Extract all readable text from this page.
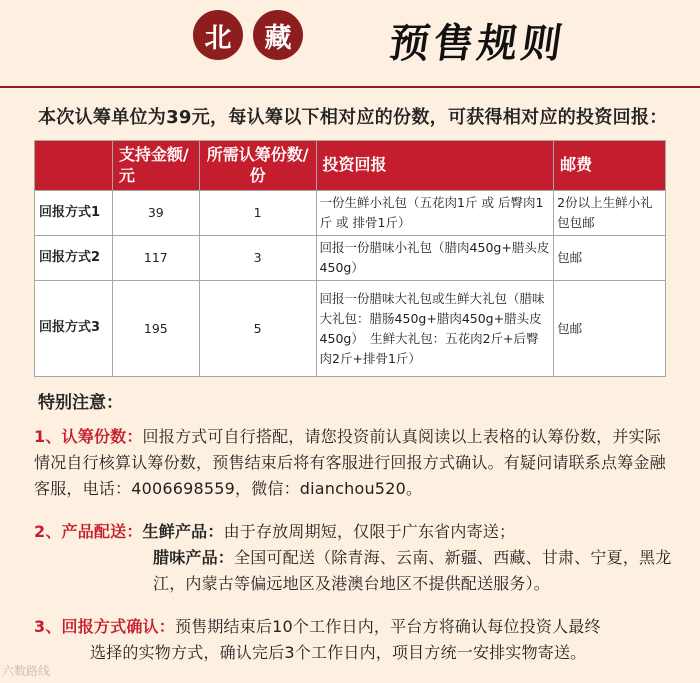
北 藏 预售规则
本次认筹单位为39元，每认筹以下相对应的份数，可获得相对应的投资回报：
	支持金额/元	所需认筹份数/份	投资回报	邮费
回报方式1	39	1	一份生鲜小礼包（五花肉1斤 或 后臀肉1斤 或 排骨1斤）	2份以上生鲜小礼包包邮
回报方式2	117	3	回报一份腊味小礼包（腊肉450g+腊头皮450g）	包邮
回报方式3	195	5	回报一份腊味大礼包或生鲜大礼包（腊味大礼包：腊肠450g+腊肉450g+腊头皮450g）　生鲜大礼包：五花肉2斤+后臀肉2斤+排骨1斤）	包邮
特别注意：
1、认筹份数：回报方式可自行搭配，请您投资前认真阅读以上表格的认筹份数，并实际情况自行核算认筹份数，预售结束后将有客服进行回报方式确认。有疑问请联系点筹金融客服，电话：4006698559，微信：dianchou520。
2、产品配送：生鲜产品：由于存放周期短，仅限于广东省内寄送；
腊味产品：全国可配送（除青海、云南、新疆、西藏、甘肃、宁夏，黑龙江，内蒙古等偏远地区及港澳台地区不提供配送服务）。
3、回报方式确认：预售期结束后10个工作日内，平台方将确认每位投资人最终
选择的实物方式，确认完后3个工作日内，项目方统一安排实物寄送。
六数路线
